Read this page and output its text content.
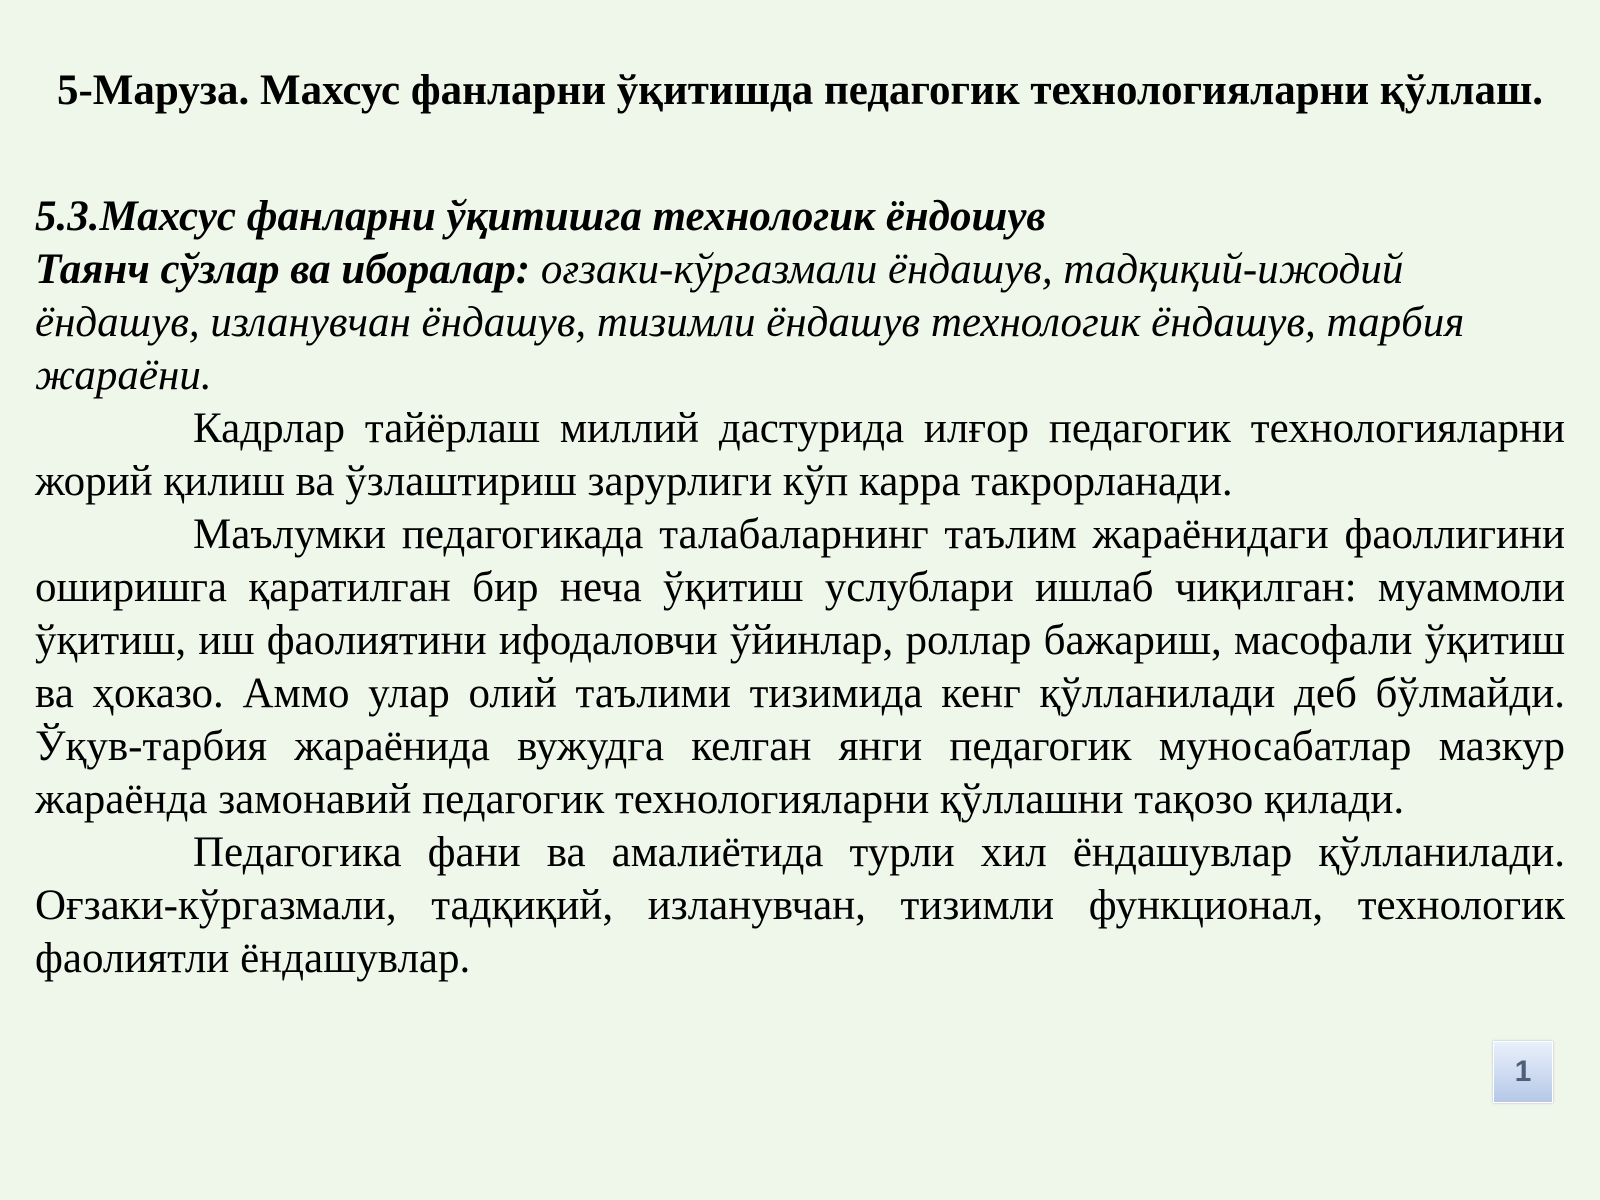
5-Маруза. Махсус фанларни ўқитишда педагогик технологияларни қўллаш.

5.3.Махсус фанларни ўқитишга технологик ёндошув

Таянч сўзлар ва иборалар: оғзаки-кўргазмали ёндашув, тадқиқий-ижодий ёндашув, изланувчан ёндашув, тизимли ёндашув технологик ёндашув, тарбия жараёни.

Кадрлар тайёрлаш миллий дастурида илғор педагогик технологияларни жорий қилиш ва ўзлаштириш зарурлиги кўп карра такрорланади.

Маълумки педагогикада талабаларнинг таълим жараёнидаги фаоллигини оширишга қаратилган бир неча ўқитиш услублари ишлаб чиқилган: муаммоли ўқитиш, иш фаолиятини ифодаловчи ўйинлар, роллар бажариш, масофали ўқитиш ва ҳоказо. Аммо улар олий таълими тизимида кенг қўлланилади деб бўлмайди. Ўқув-тарбия жараёнида вужудга келган янги педагогик муносабатлар мазкур жараёнда замонавий педагогик технологияларни қўллашни тақозо қилади.

Педагогика фани ва амалиётида турли хил ёндашувлар қўлланилади. Оғзаки-кўргазмали, тадқиқий, изланувчан, тизимли функционал, технологик фаолиятли ёндашувлар.

1
